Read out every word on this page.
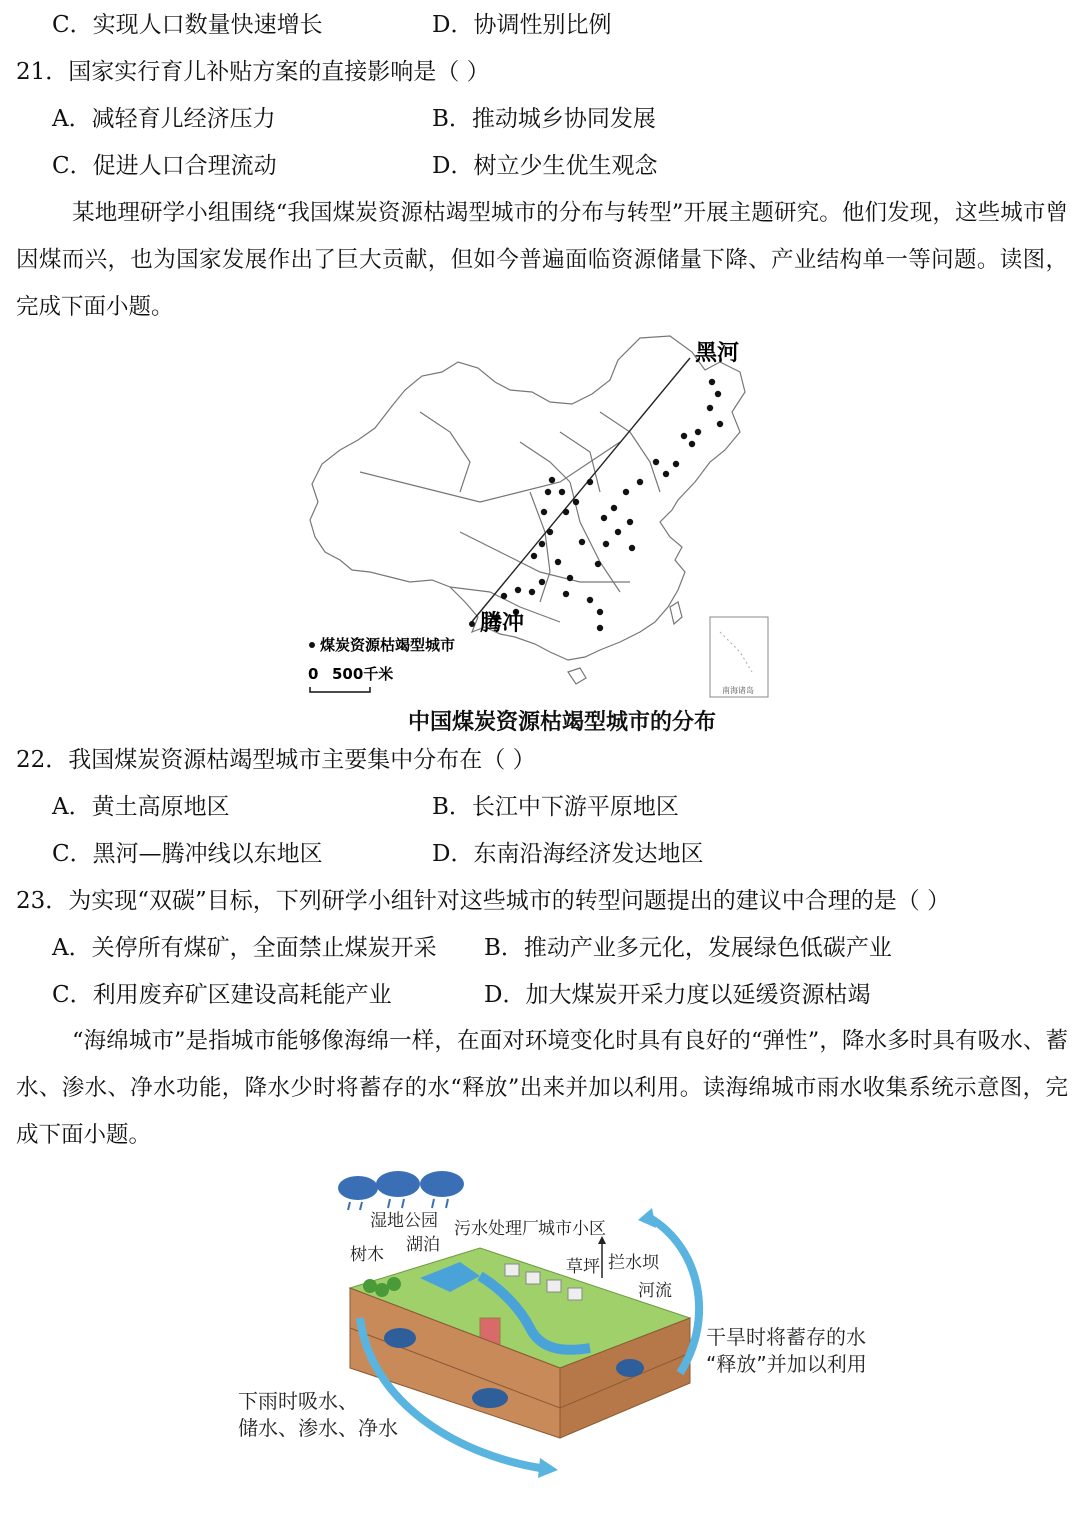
C．实现人口数量快速增长	D．协调性别比例
21．国家实行育儿补贴方案的直接影响是（ ）
A．减轻育儿经济压力	B．推动城乡协同发展
C．促进人口合理流动	D．树立少生优生观念
某地理研学小组围绕“我国煤炭资源枯竭型城市的分布与转型”开展主题研究。他们发现，这些城市曾因煤而兴，也为国家发展作出了巨大贡献，但如今普遍面临资源储量下降、产业结构单一等问题。读图，完成下面小题。
南海诸岛
黑河
腾冲
煤炭资源枯竭型城市
0 500千米
中国煤炭资源枯竭型城市的分布
22．我国煤炭资源枯竭型城市主要集中分布在（ ）
A．黄土高原地区	B．长江中下游平原地区
C．黑河—腾冲线以东地区	D．东南沿海经济发达地区
23．为实现“双碳”目标，下列研学小组针对这些城市的转型问题提出的建议中合理的是（ ）
A．关停所有煤矿，全面禁止煤炭开采 B．推动产业多元化，发展绿色低碳产业
C．利用废弃矿区建设高耗能产业	D．加大煤炭开采力度以延缓资源枯竭
“海绵城市”是指城市能够像海绵一样，在面对环境变化时具有良好的“弹性”，降水多时具有吸水、蓄水、渗水、净水功能，降水少时将蓄存的水“释放”出来并加以利用。读海绵城市雨水收集系统示意图，完成下面小题。
湿地公园
树木 湖泊
污水处理厂 城市小区
草坪 拦水坝
河流
干旱时将蓄存的水
“释放”并加以利用
下雨时吸水、
储水、渗水、净水
